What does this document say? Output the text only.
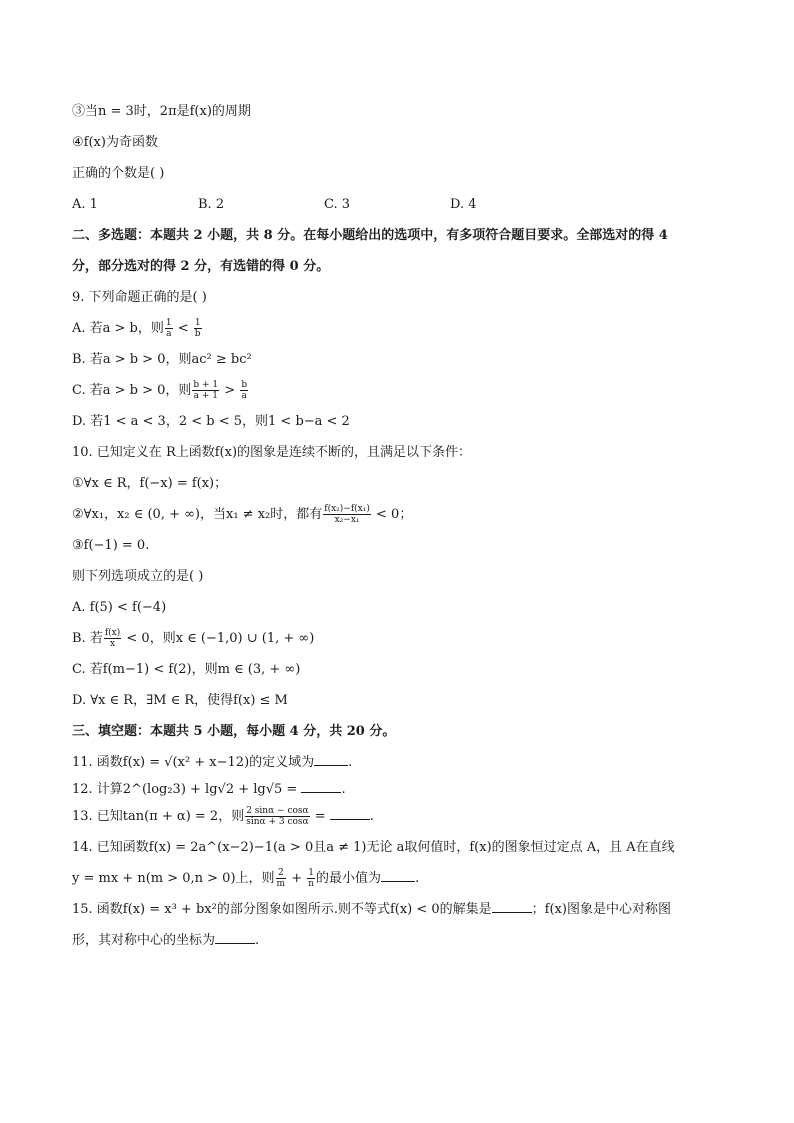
③当n = 3时，2π是f(x)的周期
④f(x)为奇函数
正确的个数是( )
A. 1	B. 2	C. 3	D. 4
二、多选题：本题共 2 小题，共 8 分。在每小题给出的选项中，有多项符合题目要求。全部选对的得 4
分，部分选对的得 2 分，有选错的得 0 分。
9. 下列命题正确的是( )
A. 若a > b，则 $\frac{1}{a} < \frac{1}{b}$
B. 若a > b > 0，则ac² ≥ bc²
C. 若a > b > 0，则 $\frac{b + 1}{a + 1} > \frac{b}{a}$
D. 若1 < a < 3，2 < b < 5，则1 < b−a < 2
10. 已知定义在 R上函数f(x)的图象是连续不断的，且满足以下条件：
①∀x ∈ R，f(−x) = f(x)；
②∀x₁，x₂ ∈ (0, + ∞)，当x₁ ≠ x₂时，都有 $\frac{\text{f(x₂)−f(x₁)}}{\text{x₂−x₁}} < 0$；
③f(−1) = 0.
则下列选项成立的是( )
A. f(5) < f(−4)
B. 若 $\frac{f(x)}{x} < 0$，则x ∈ (−1,0) ∪ (1, + ∞)
C. 若f(m−1) < f(2)，则m ∈ (3, + ∞)
D. ∀x ∈ R，∃M ∈ R，使得f(x) ≤ M
三、填空题：本题共 5 小题，每小题 4 分，共 20 分。
11. 函数f(x) = √(x² + x−12)的定义域为	.
12. 计算2^(log₂3) + lg√2 + lg√5 =	.
13. 已知tan(π + α) = 2，则 $\frac{2 \sin\alpha - \cos\alpha}{\sin\alpha + 3 \cos\alpha}$ =	.
14. 已知函数f(x) = 2a^(x−2)−1(a > 0且a ≠ 1)无论 a取何值时，f(x)的图象恒过定点 A，且 A在直线
y = mx + n(m > 0,n > 0)上，则 $\frac{2}{m} + \frac{1}{n}$ 的最小值为	.
15. 函数f(x) = x³ + bx²的部分图象如图所示.则不等式f(x) < 0的解集是	；f(x)图象是中心对称图
形，其对称中心的坐标为	.
